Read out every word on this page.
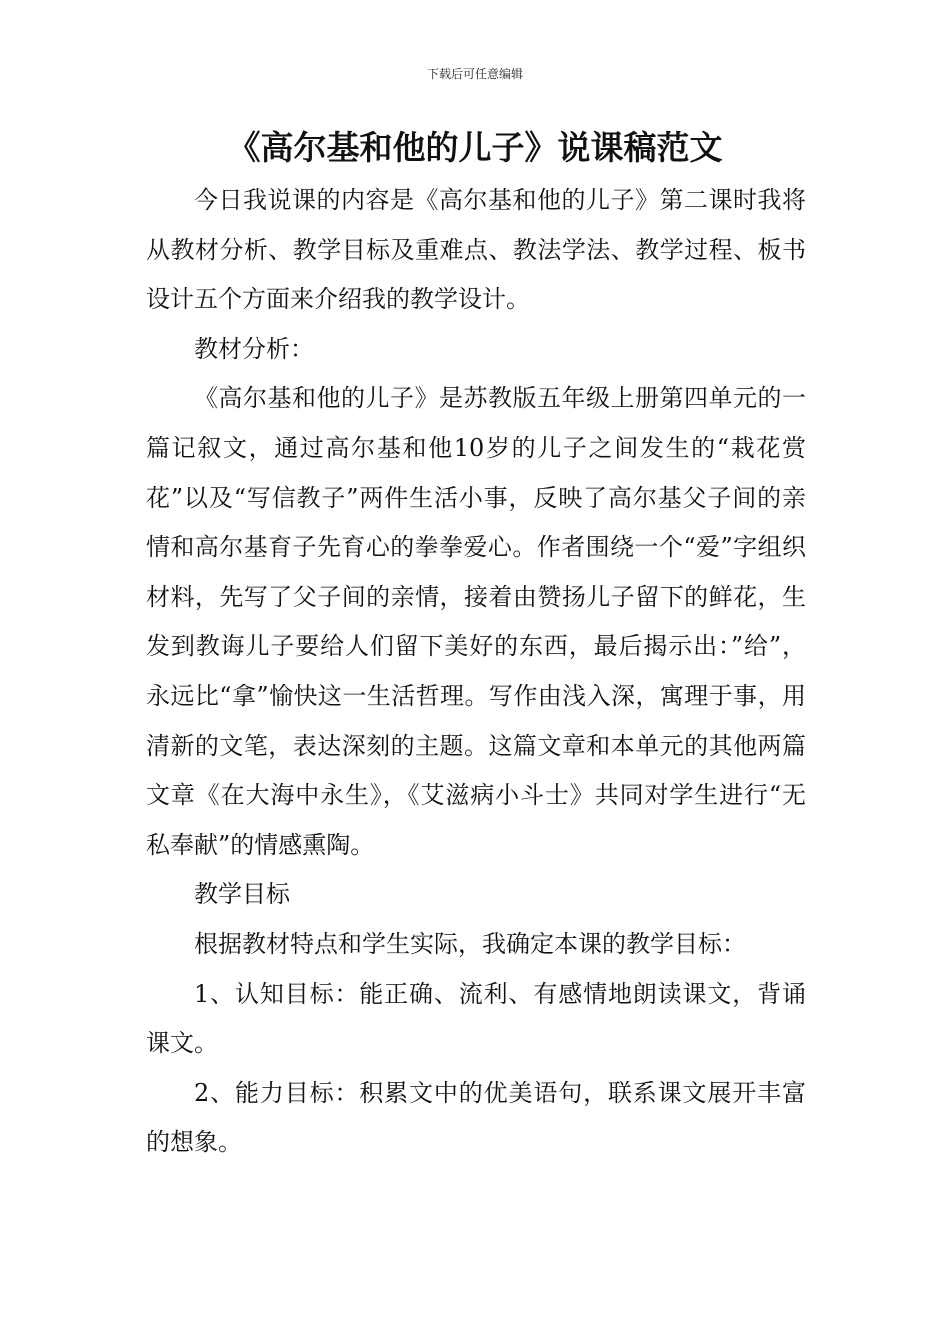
下载后可任意编辑
《高尔基和他的儿子》说课稿范文

今日我说课的内容是《高尔基和他的儿子》第二课时我将从教材分析、教学目标及重难点、教法学法、教学过程、板书设计五个方面来介绍我的教学设计。

教材分析：

《高尔基和他的儿子》是苏教版五年级上册第四单元的一篇记叙文，通过高尔基和他10岁的儿子之间发生的“栽花赏花”以及“写信教子”两件生活小事，反映了高尔基父子间的亲情和高尔基育子先育心的拳拳爱心。作者围绕一个“爱”字组织材料，先写了父子间的亲情，接着由赞扬儿子留下的鲜花，生发到教诲儿子要给人们留下美好的东西，最后揭示出：”给”，永远比“拿”愉快这一生活哲理。写作由浅入深，寓理于事，用清新的文笔，表达深刻的主题。这篇文章和本单元的其他两篇文章《在大海中永生》，《艾滋病小斗士》共同对学生进行“无私奉献”的情感熏陶。

教学目标

根据教材特点和学生实际，我确定本课的教学目标：

1、认知目标：能正确、流利、有感情地朗读课文，背诵课文。

2、能力目标：积累文中的优美语句，联系课文展开丰富的想象。
